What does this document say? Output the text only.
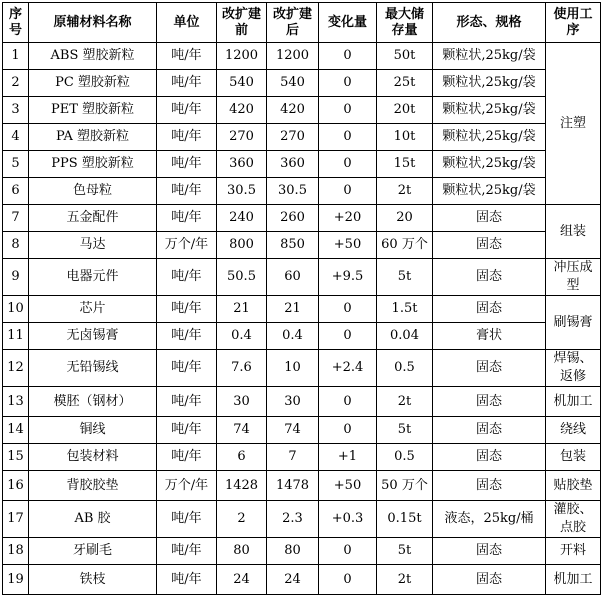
序号	原辅材料名称	单位	改扩建前	改扩建后	变化量	最大储存量	形态、规格	使用工序
1	ABS 塑胶新粒	吨/年	1200	1200	0	50t	颗粒状,25kg/袋	注塑
2	PC 塑胶新粒	吨/年	540	540	0	25t	颗粒状,25kg/袋	
3	PET 塑胶新粒	吨/年	420	420	0	20t	颗粒状,25kg/袋	
4	PA 塑胶新粒	吨/年	270	270	0	10t	颗粒状,25kg/袋	
5	PPS 塑胶新粒	吨/年	360	360	0	15t	颗粒状,25kg/袋	
6	色母粒	吨/年	30.5	30.5	0	2t	颗粒状,25kg/袋	
7	五金配件	吨/年	240	260	+20	20	固态	组装
8	马达	万个/年	800	850	+50	60 万个	固态	
9	电器元件	吨/年	50.5	60	+9.5	5t	固态	冲压成型
10	芯片	吨/年	21	21	0	1.5t	固态	刷锡膏
11	无卤锡膏	吨/年	0.4	0.4	0	0.04	膏状	
12	无铅锡线	吨/年	7.6	10	+2.4	0.5	固态	焊锡、返修
13	模胚（钢材）	吨/年	30	30	0	2t	固态	机加工
14	铜线	吨/年	74	74	0	5t	固态	绕线
15	包装材料	吨/年	6	7	+1	0.5	固态	包装
16	背胶胶垫	万个/年	1428	1478	+50	50 万个	固态	贴胶垫
17	AB 胶	吨/年	2	2.3	+0.3	0.15t	液态，25kg/桶	灌胶、点胶
18	牙刷毛	吨/年	80	80	0	5t	固态	开料
19	铁枝	吨/年	24	24	0	2t	固态	机加工
